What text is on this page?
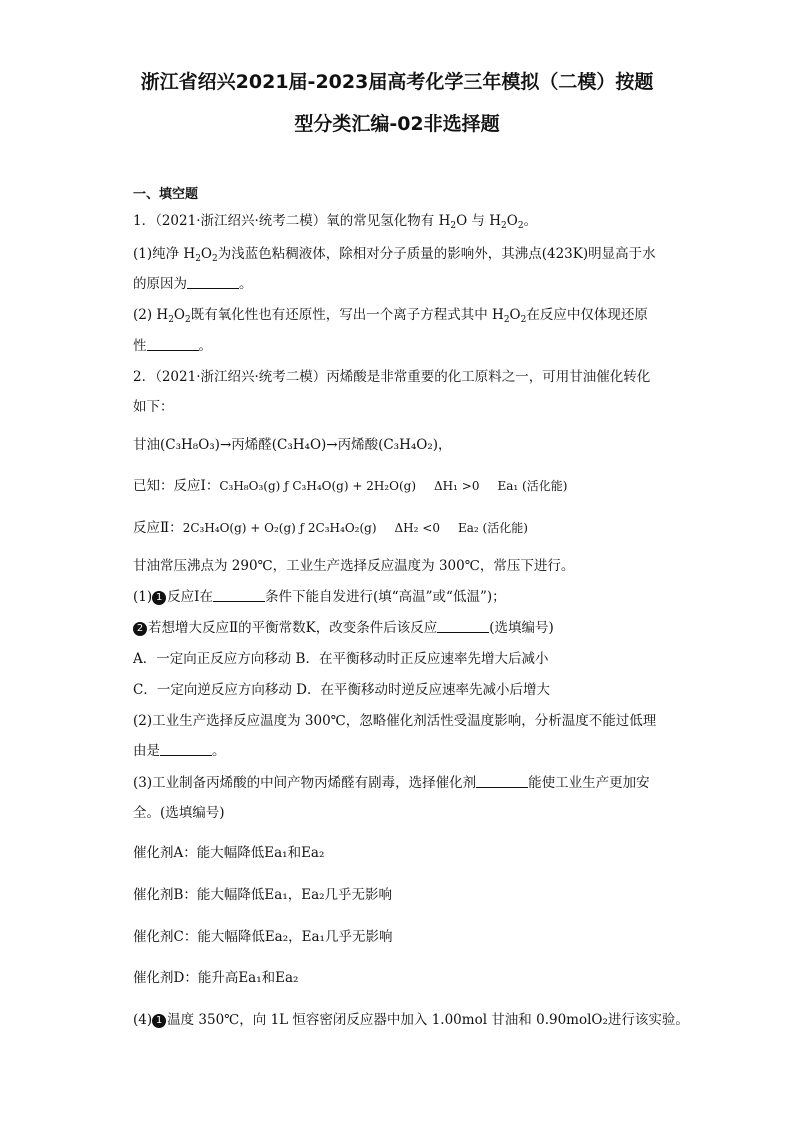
浙江省绍兴2021届-2023届高考化学三年模拟（二模）按题
型分类汇编-02非选择题
一、填空题
1．（2021·浙江绍兴·统考二模）氧的常见氢化物有 $H_2O$ 与 $H_2O_2$。
(1)纯净 $H_2O_2$为浅蓝色粘稠液体，除相对分子质量的影响外，其沸点(423K)明显高于水
的原因为	。
(2) $H_2O_2$既有氧化性也有还原性，写出一个离子方程式其中 $H_2O_2$在反应中仅体现还原
性	。
2．（2021·浙江绍兴·统考二模）丙烯酸是非常重要的化工原料之一，可用甘油催化转化
如下：
甘油(C₃H₈O₃)→丙烯醛(C₃H₄O)→丙烯酸(C₃H₄O₂)，
已知：反应Ⅰ：C₃H₈O₃(g) ƒ C₃H₄O(g) + 2H₂O(g) ΔH₁ >0 Ea₁ (活化能)
反应Ⅱ：2C₃H₄O(g) + O₂(g) ƒ 2C₃H₄O₂(g) ΔH₂ <0 Ea₂ (活化能)
甘油常压沸点为 290℃，工业生产选择反应温度为 300℃，常压下进行。
(1) 1 反应Ⅰ在	条件下能自发进行(填“高温”或“低温”)；
2 若想增大反应Ⅱ的平衡常数K，改变条件后该反应	(选填编号)
A．一定向正反应方向移动 B．在平衡移动时正反应速率先增大后减小
C．一定向逆反应方向移动 D．在平衡移动时逆反应速率先减小后增大
(2)工业生产选择反应温度为 300℃，忽略催化剂活性受温度影响，分析温度不能过低理
由是	。
(3)工业制备丙烯酸的中间产物丙烯醛有剧毒，选择催化剂	能使工业生产更加安
全。(选填编号)
催化剂A：能大幅降低Ea₁和Ea₂
催化剂B：能大幅降低Ea₁，Ea₂几乎无影响
催化剂C：能大幅降低Ea₂，Ea₁几乎无影响
催化剂D：能升高Ea₁和Ea₂
(4) 1 温度 350℃，向 1L 恒容密闭反应器中加入 1.00mol 甘油和 0.90molO₂进行该实验。
